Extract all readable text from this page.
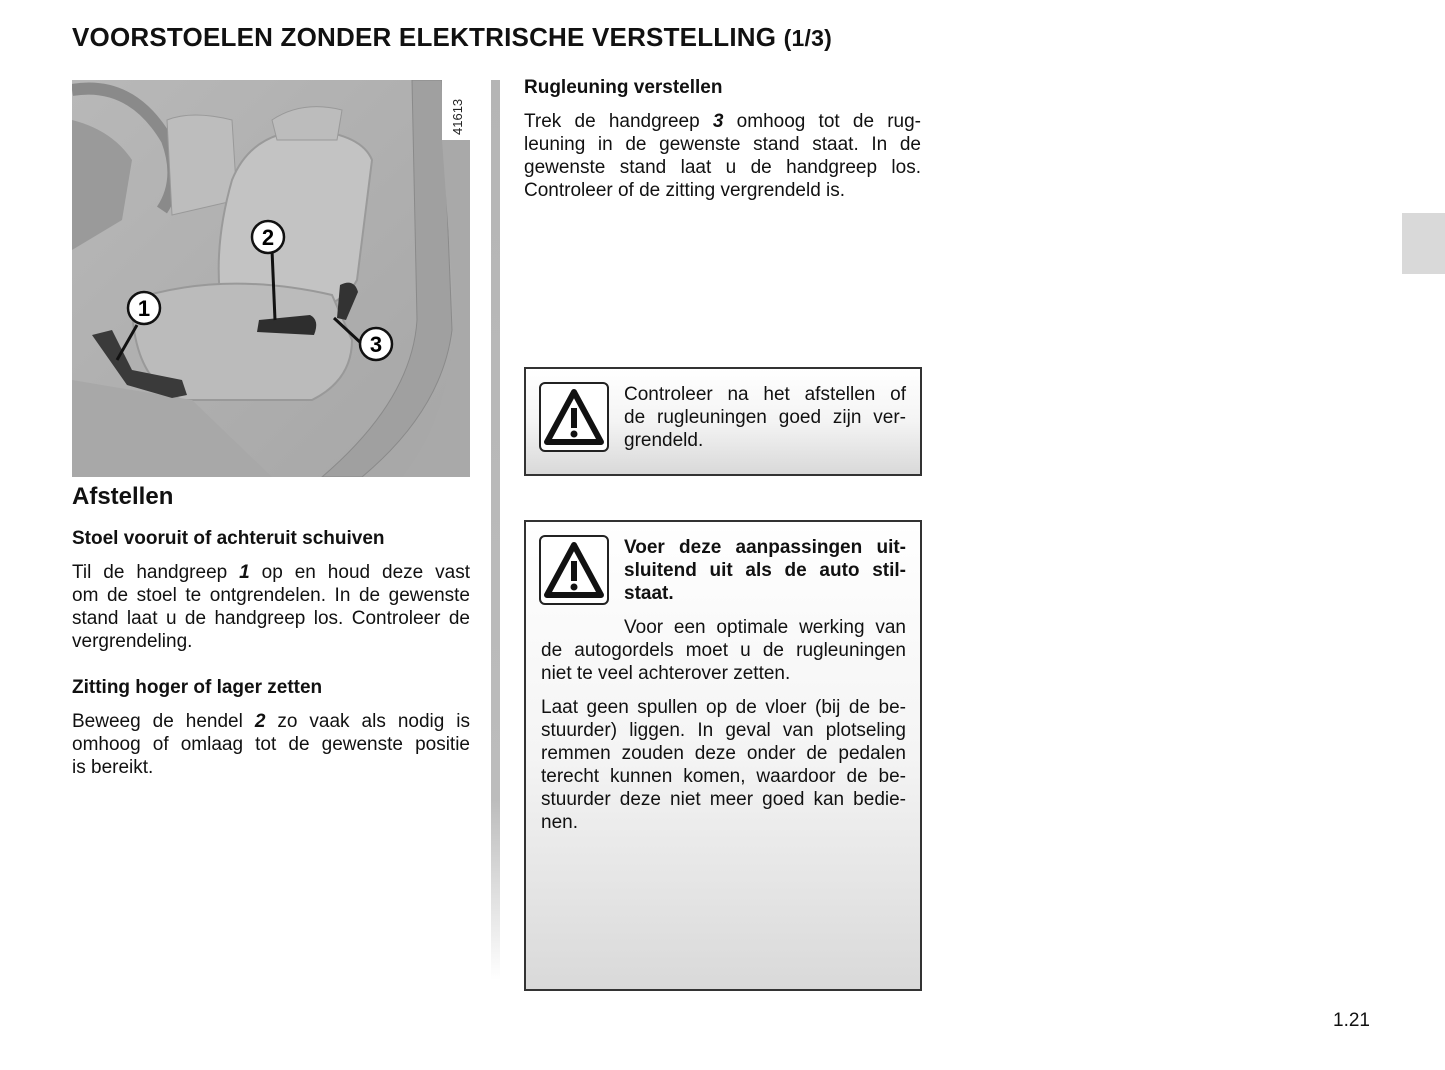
VOORSTOELEN ZONDER ELEKTRISCHE VERSTELLING (1/3)
41613
1
2
3
Afstellen
Stoel vooruit of achteruit schuiven
Til de handgreep 1 op en houd deze vast
om de stoel te ontgrendelen. In de gewenste
stand laat u de handgreep los. Controleer de
vergrendeling.
Zitting hoger of lager zetten
Beweeg de hendel 2 zo vaak als nodig is
omhoog of omlaag tot de gewenste positie
is bereikt.
Rugleuning verstellen
Trek de handgreep 3 omhoog tot de rug-
leuning in de gewenste stand staat. In de
gewenste stand laat u de handgreep los.
Controleer of de zitting vergrendeld is.
Controleer na het afstellen of
de rugleuningen goed zijn ver-
grendeld.
Voer deze aanpassingen uit-
sluitend uit als de auto stil-
staat.
Voor een optimale werking van
de autogordels moet u de rugleuningen
niet te veel achterover zetten.
Laat geen spullen op de vloer (bij de be-
stuurder) liggen. In geval van plotseling
remmen zouden deze onder de pedalen
terecht kunnen komen, waardoor de be-
stuurder deze niet meer goed kan bedie-
nen.
1.21
